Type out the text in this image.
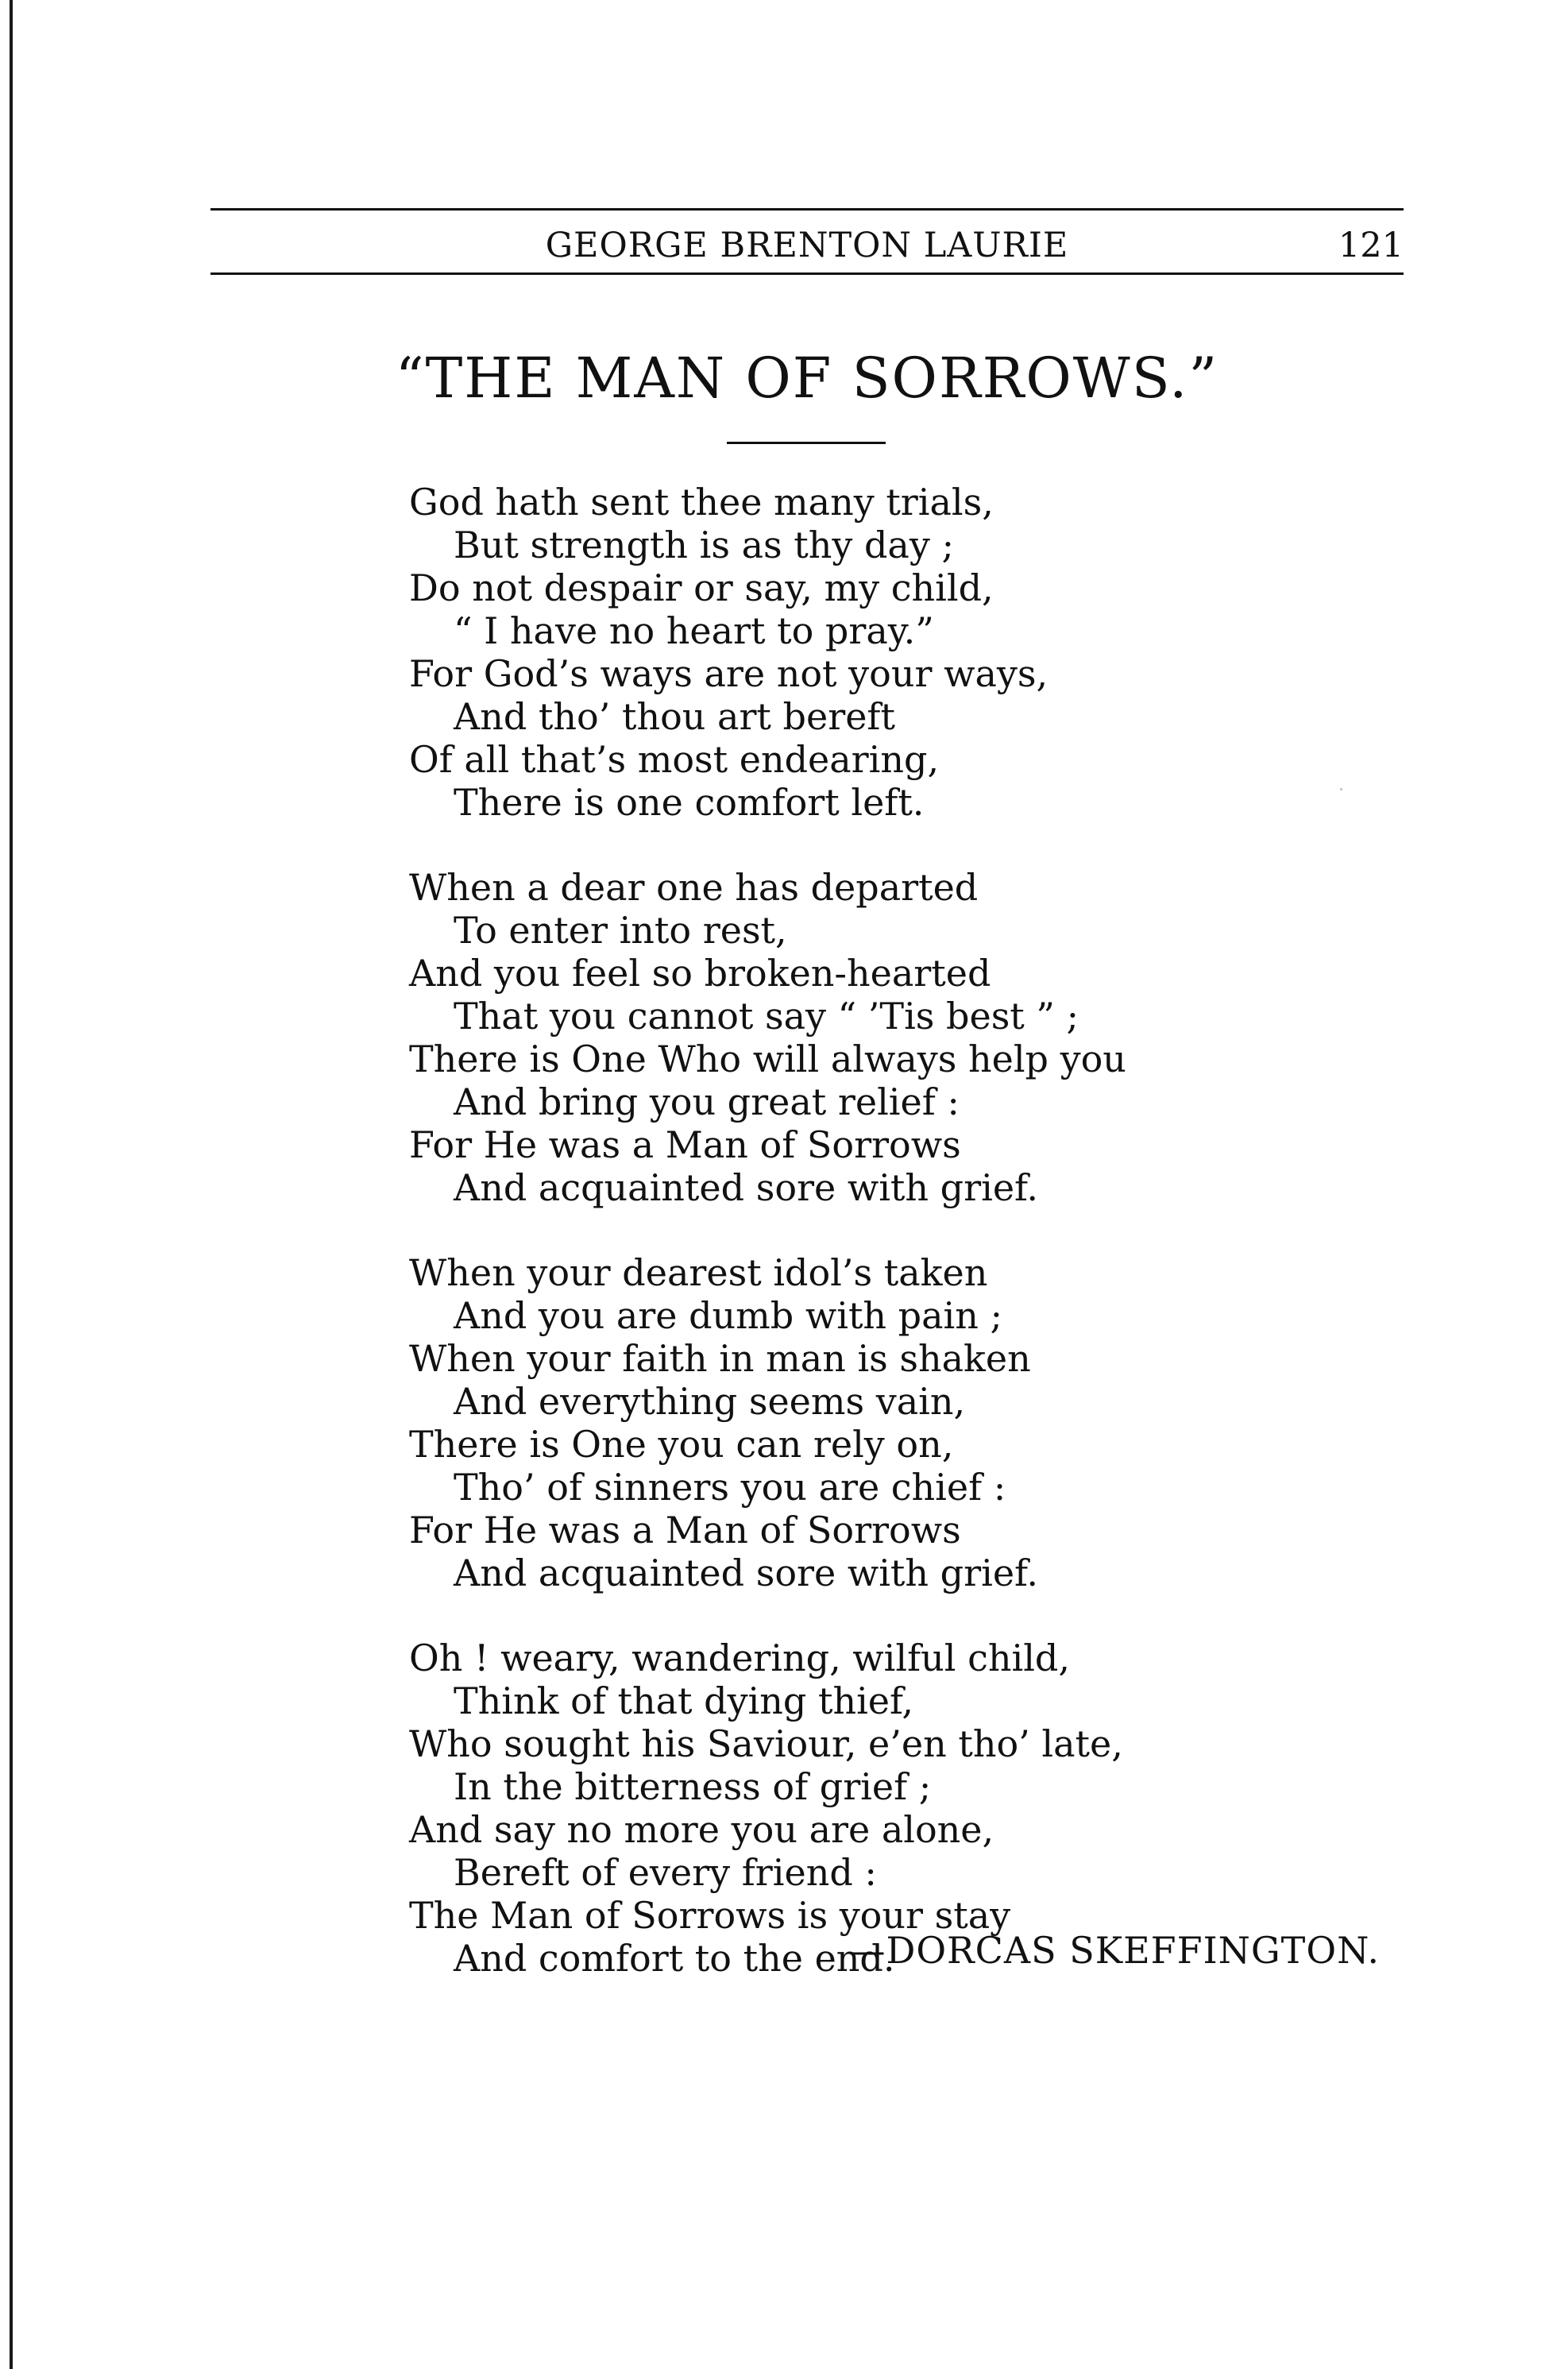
GEORGE BRENTON LAURIE	121
“THE MAN OF SORROWS.”
God hath sent thee many trials,
But strength is as thy day ;
Do not despair or say, my child,
“ I have no heart to pray.”
For God’s ways are not your ways,
And tho’ thou art bereft
Of all that’s most endearing,
There is one comfort left.
When a dear one has departed
To enter into rest,
And you feel so broken-hearted
That you cannot say “ ’Tis best ” ;
There is One Who will always help you
And bring you great relief :
For He was a Man of Sorrows
And acquainted sore with grief.
When your dearest idol’s taken
And you are dumb with pain ;
When your faith in man is shaken
And everything seems vain,
There is One you can rely on,
Tho’ of sinners you are chief :
For He was a Man of Sorrows
And acquainted sore with grief.
Oh ! weary, wandering, wilful child,
Think of that dying thief,
Who sought his Saviour, e’en tho’ late,
In the bitterness of grief ;
And say no more you are alone,
Bereft of every friend :
The Man of Sorrows is your stay
And comfort to the end.
—DORCAS SKEFFINGTON.
